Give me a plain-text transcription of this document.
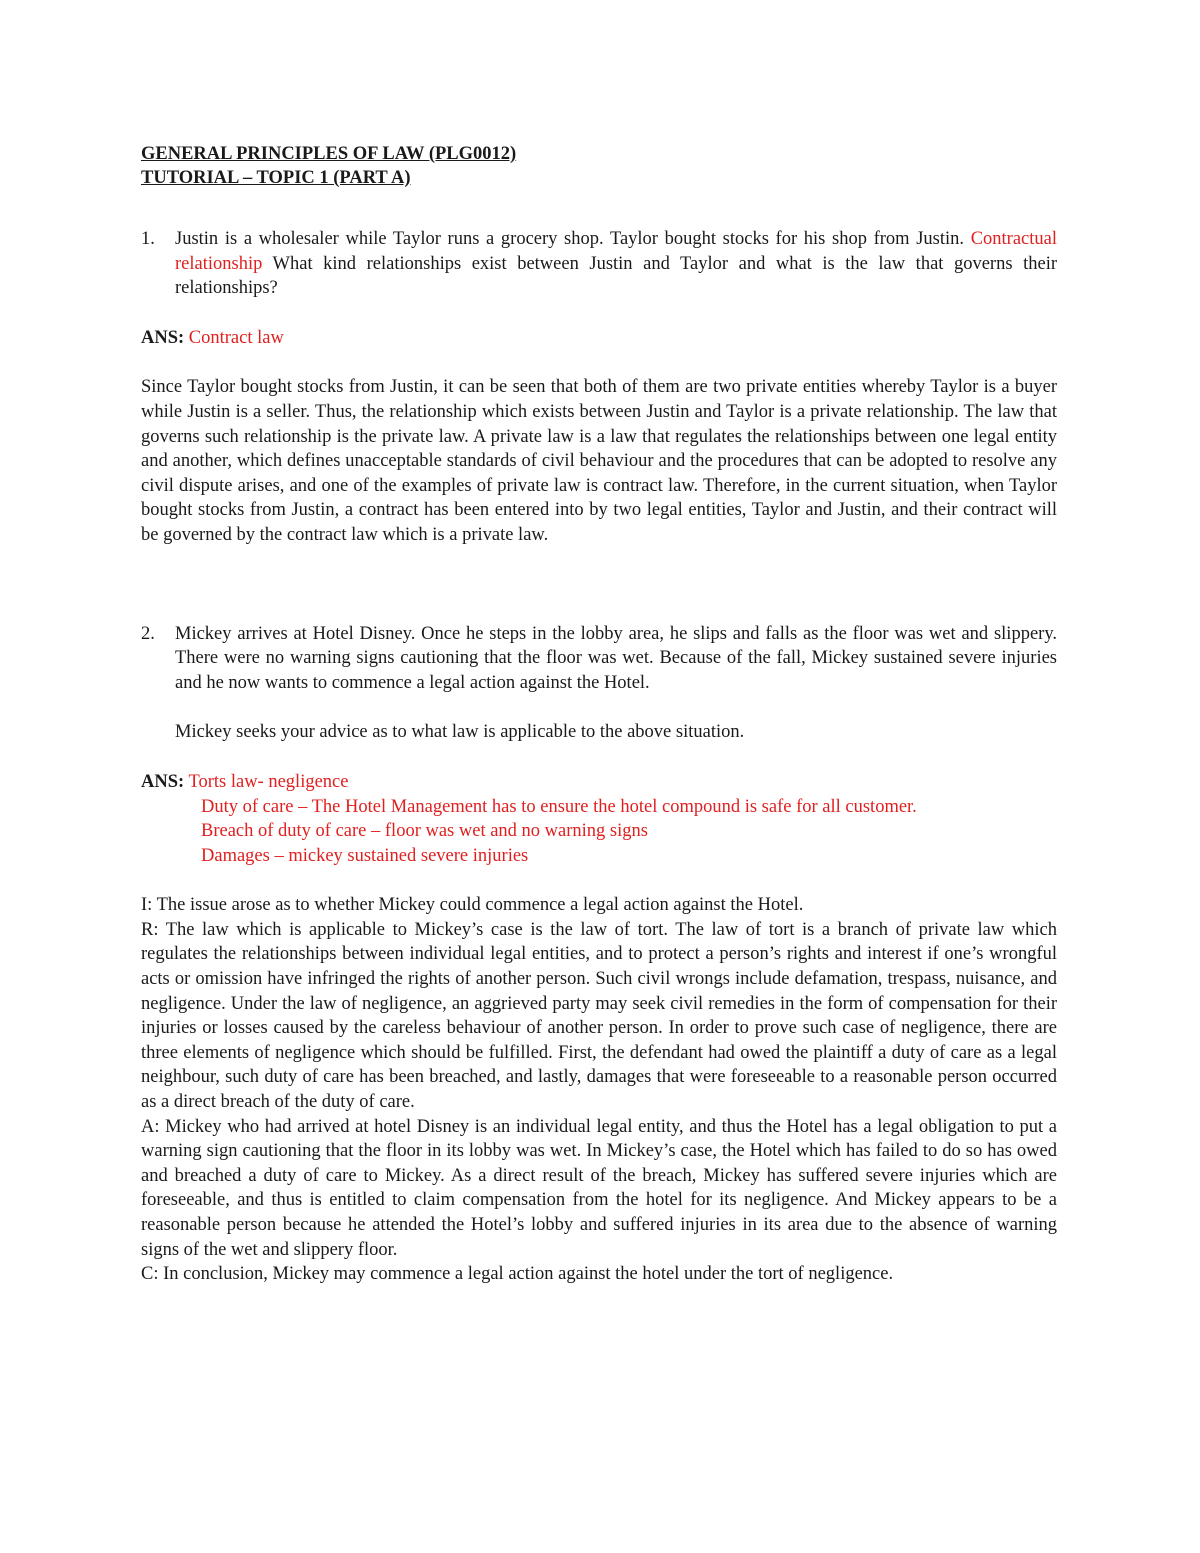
GENERAL PRINCIPLES OF LAW (PLG0012)

TUTORIAL – TOPIC 1 (PART A)

1. Justin is a wholesaler while Taylor runs a grocery shop. Taylor bought stocks for his shop from Justin. Contractual relationship What kind relationships exist between Justin and Taylor and what is the law that governs their relationships?

ANS: Contract law

Since Taylor bought stocks from Justin, it can be seen that both of them are two private entities whereby Taylor is a buyer while Justin is a seller. Thus, the relationship which exists between Justin and Taylor is a private relationship. The law that governs such relationship is the private law. A private law is a law that regulates the relationships between one legal entity and another, which defines unacceptable standards of civil behaviour and the procedures that can be adopted to resolve any civil dispute arises, and one of the examples of private law is contract law. Therefore, in the current situation, when Taylor bought stocks from Justin, a contract has been entered into by two legal entities, Taylor and Justin, and their contract will be governed by the contract law which is a private law.

2. Mickey arrives at Hotel Disney. Once he steps in the lobby area, he slips and falls as the floor was wet and slippery. There were no warning signs cautioning that the floor was wet. Because of the fall, Mickey sustained severe injuries and he now wants to commence a legal action against the Hotel.

Mickey seeks your advice as to what law is applicable to the above situation.

ANS: Torts law- negligence

Duty of care – The Hotel Management has to ensure the hotel compound is safe for all customer.

Breach of duty of care – floor was wet and no warning signs

Damages – mickey sustained severe injuries

I: The issue arose as to whether Mickey could commence a legal action against the Hotel.

R: The law which is applicable to Mickey’s case is the law of tort. The law of tort is a branch of private law which regulates the relationships between individual legal entities, and to protect a person’s rights and interest if one’s wrongful acts or omission have infringed the rights of another person. Such civil wrongs include defamation, trespass, nuisance, and negligence. Under the law of negligence, an aggrieved party may seek civil remedies in the form of compensation for their injuries or losses caused by the careless behaviour of another person. In order to prove such case of negligence, there are three elements of negligence which should be fulfilled. First, the defendant had owed the plaintiff a duty of care as a legal neighbour, such duty of care has been breached, and lastly, damages that were foreseeable to a reasonable person occurred as a direct breach of the duty of care.

A: Mickey who had arrived at hotel Disney is an individual legal entity, and thus the Hotel has a legal obligation to put a warning sign cautioning that the floor in its lobby was wet. In Mickey’s case, the Hotel which has failed to do so has owed and breached a duty of care to Mickey. As a direct result of the breach, Mickey has suffered severe injuries which are foreseeable, and thus is entitled to claim compensation from the hotel for its negligence. And Mickey appears to be a reasonable person because he attended the Hotel’s lobby and suffered injuries in its area due to the absence of warning signs of the wet and slippery floor.

C: In conclusion, Mickey may commence a legal action against the hotel under the tort of negligence.
